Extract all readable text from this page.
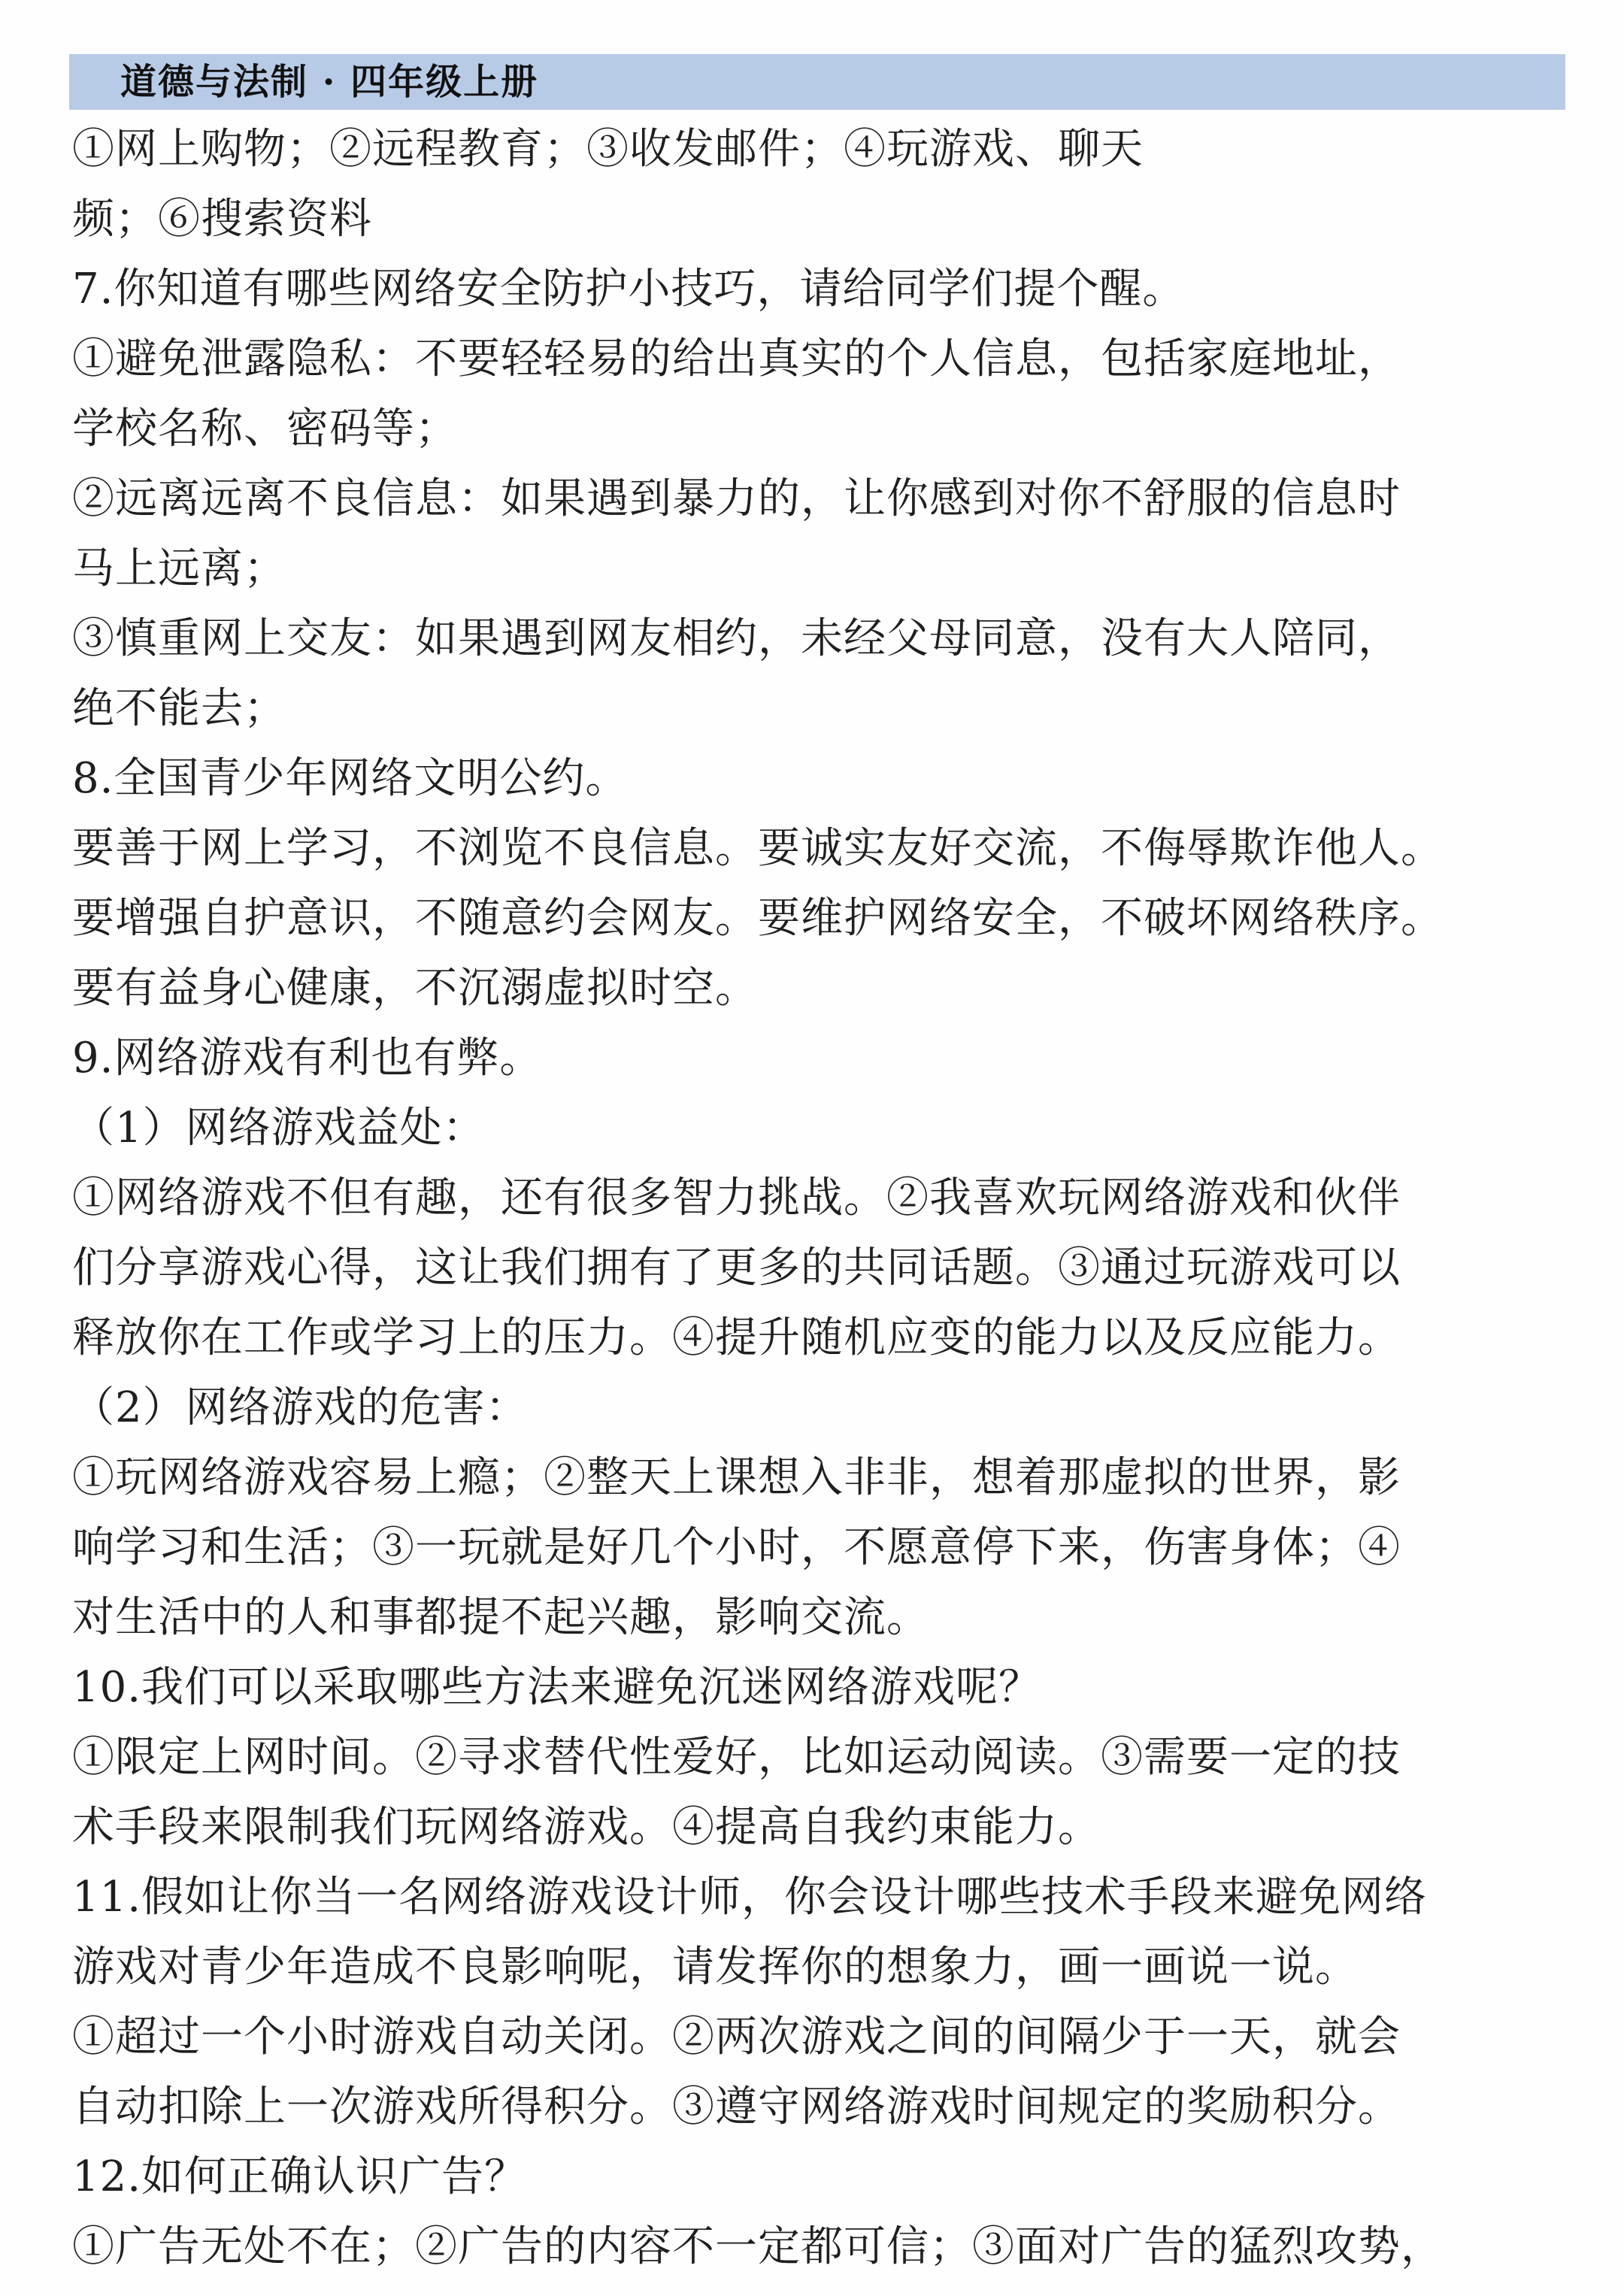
道德与法制 · 四年级上册
①网上购物；②远程教育；③收发邮件；④玩游戏、聊天
频；⑥搜索资料
7.你知道有哪些网络安全防护小技巧，请给同学们提个醒。
①避免泄露隐私：不要轻轻易的给出真实的个人信息，包括家庭地址，
学校名称、密码等；
②远离远离不良信息：如果遇到暴力的，让你感到对你不舒服的信息时
马上远离；
③慎重网上交友：如果遇到网友相约，未经父母同意，没有大人陪同，
绝不能去；
8.全国青少年网络文明公约。
要善于网上学习，不浏览不良信息。要诚实友好交流，不侮辱欺诈他人。
要增强自护意识，不随意约会网友。要维护网络安全，不破坏网络秩序。
要有益身心健康，不沉溺虚拟时空。
9.网络游戏有利也有弊。
（1）网络游戏益处：
①网络游戏不但有趣，还有很多智力挑战。②我喜欢玩网络游戏和伙伴
们分享游戏心得，这让我们拥有了更多的共同话题。③通过玩游戏可以
释放你在工作或学习上的压力。④提升随机应变的能力以及反应能力。
（2）网络游戏的危害：
①玩网络游戏容易上瘾；②整天上课想入非非，想着那虚拟的世界，影
响学习和生活；③一玩就是好几个小时，不愿意停下来，伤害身体；④
对生活中的人和事都提不起兴趣，影响交流。
10.我们可以采取哪些方法来避免沉迷网络游戏呢？
①限定上网时间。②寻求替代性爱好，比如运动阅读。③需要一定的技
术手段来限制我们玩网络游戏。④提高自我约束能力。
11.假如让你当一名网络游戏设计师，你会设计哪些技术手段来避免网络
游戏对青少年造成不良影响呢，请发挥你的想象力，画一画说一说。
①超过一个小时游戏自动关闭。②两次游戏之间的间隔少于一天，就会
自动扣除上一次游戏所得积分。③遵守网络游戏时间规定的奖励积分。
12.如何正确认识广告？
①广告无处不在；②广告的内容不一定都可信；③面对广告的猛烈攻势，
